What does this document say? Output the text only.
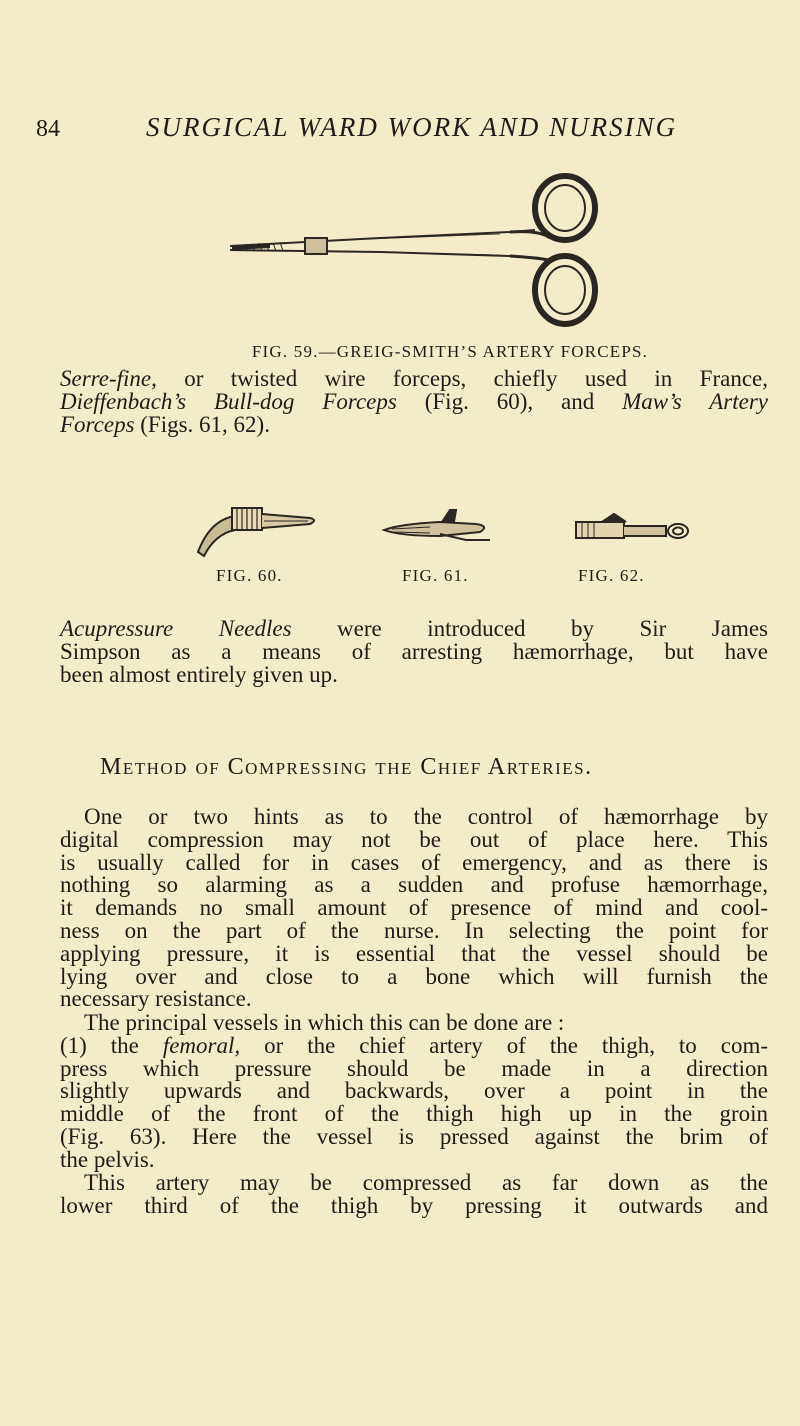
84	SURGICAL WARD WORK AND NURSING
FIG. 59.—GREIG-SMITH’S ARTERY FORCEPS.
Serre-fine, or twisted wire forceps, chiefly used in France,
Dieffenbach’s Bull-dog Forceps (Fig. 60), and Maw’s Artery
Forceps (Figs. 61, 62).
FIG. 60.	FIG. 61.	FIG. 62.
Acupressure Needles were introduced by Sir James
Simpson as a means of arresting hæmorrhage, but have
been almost entirely given up.
Method of Compressing the Chief Arteries.
One or two hints as to the control of hæmorrhage by
digital compression may not be out of place here. This
is usually called for in cases of emergency, and as there is
nothing so alarming as a sudden and profuse hæmorrhage,
it demands no small amount of presence of mind and cool-
ness on the part of the nurse. In selecting the point for
applying pressure, it is essential that the vessel should be
lying over and close to a bone which will furnish the
necessary resistance.
The principal vessels in which this can be done are :
(1) the femoral, or the chief artery of the thigh, to com-
press which pressure should be made in a direction
slightly upwards and backwards, over a point in the
middle of the front of the thigh high up in the groin
(Fig. 63). Here the vessel is pressed against the brim of
the pelvis.
This artery may be compressed as far down as the
lower third of the thigh by pressing it outwards and
